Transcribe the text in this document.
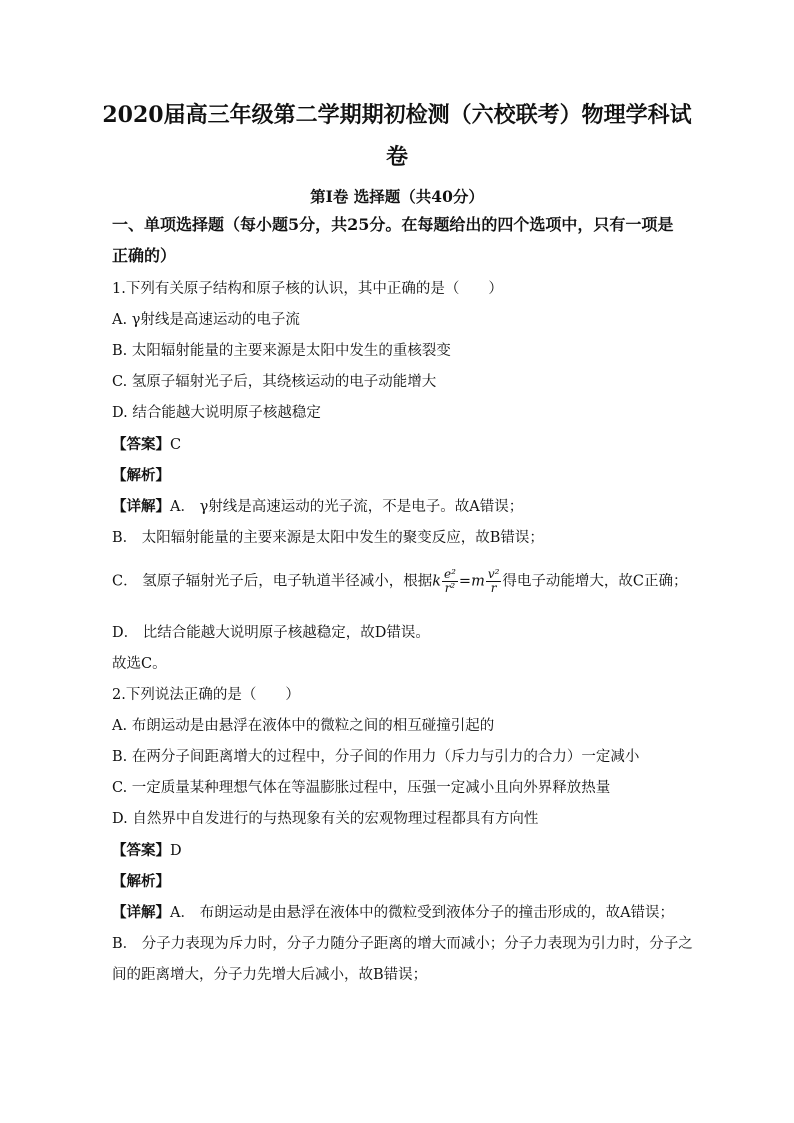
2020届高三年级第二学期期初检测（六校联考）物理学科试
卷
第Ⅰ卷 选择题（共40分）
一、单项选择题（每小题5分，共25分。在每题给出的四个选项中，只有一项是
正确的）
1.下列有关原子结构和原子核的认识，其中正确的是（　　）
A. γ射线是高速运动的电子流
B. 太阳辐射能量的主要来源是太阳中发生的重核裂变
C. 氢原子辐射光子后，其绕核运动的电子动能增大
D. 结合能越大说明原子核越稳定
【答案】C
【解析】
【详解】A． γ射线是高速运动的光子流，不是电子。故A错误；
B． 太阳辐射能量的主要来源是太阳中发生的聚变反应，故B错误；
C． 氢原子辐射光子后，电子轨道半径减小，根据k $\frac{\text{e²}}{\text{r²}} =m \frac{\text{v²}}{r}$ 得电子动能增大，故C正确；
D． 比结合能越大说明原子核越稳定，故D错误。
故选C。
2.下列说法正确的是（　　）
A. 布朗运动是由悬浮在液体中的微粒之间的相互碰撞引起的
B. 在两分子间距离增大的过程中，分子间的作用力（斥力与引力的合力）一定减小
C. 一定质量某种理想气体在等温膨胀过程中，压强一定减小且向外界释放热量
D. 自然界中自发进行的与热现象有关的宏观物理过程都具有方向性
【答案】D
【解析】
【详解】A． 布朗运动是由悬浮在液体中的微粒受到液体分子的撞击形成的，故A错误；
B． 分子力表现为斥力时，分子力随分子距离的增大而减小；分子力表现为引力时，分子之
间的距离增大，分子力先增大后减小，故B错误；
